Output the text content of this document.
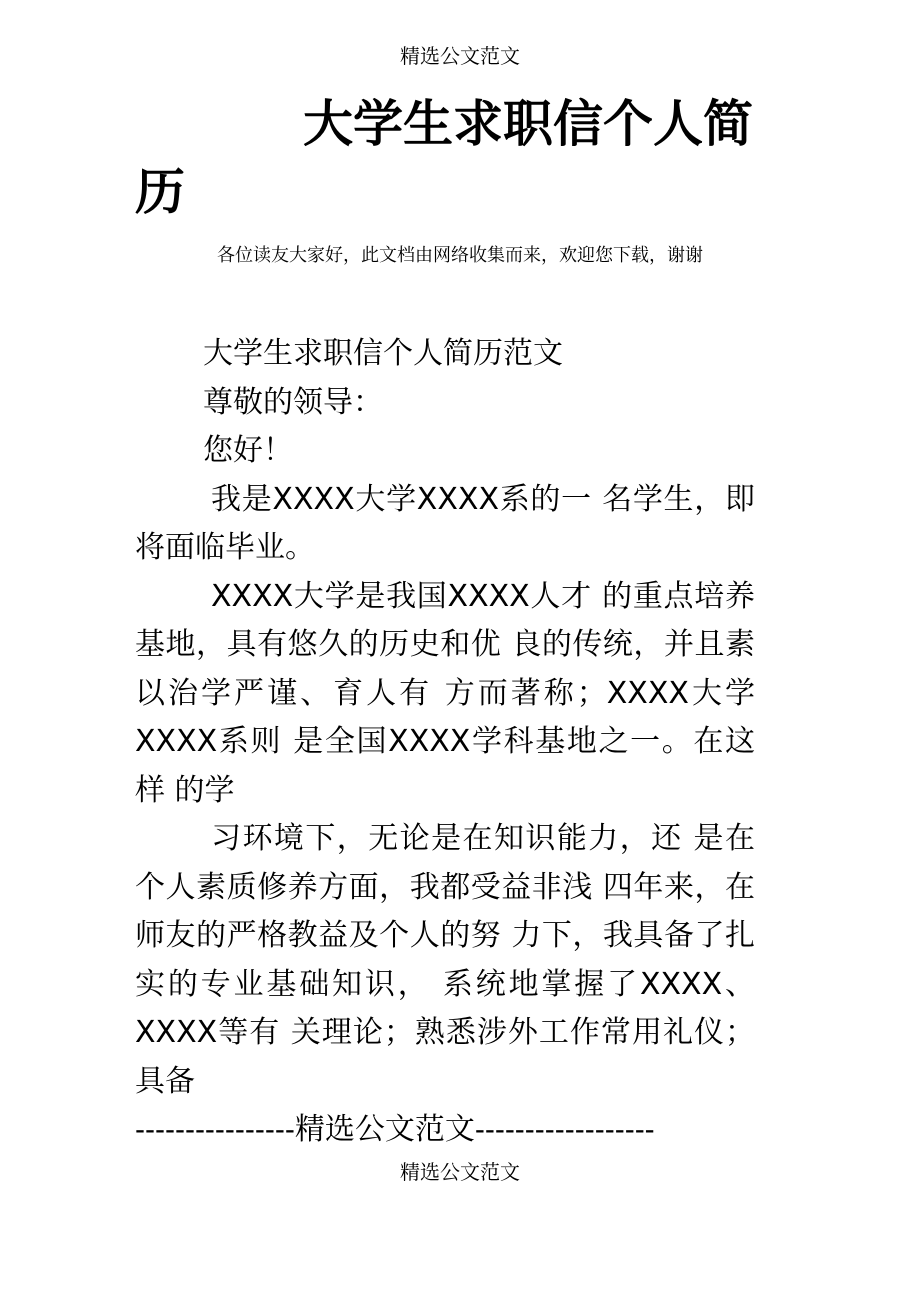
精选公文范文
大学生求职信个人简历
各位读友大家好，此文档由网络收集而来，欢迎您下载，谢谢

大学生求职信个人简历范文

尊敬的领导：

您好！

我是XXXX大学XXXX系的一 名学生，即将面临毕业。

XXXX大学是我国XXXX人才 的重点培养基地，具有悠久的历史和优 良的传统，并且素以治学严谨、育人有 方而著称；XXXX大学XXXX系则 是全国XXXX学科基地之一。在这样 的学

习环境下，无论是在知识能力，还 是在个人素质修养方面，我都受益非浅 四年来，在师友的严格教益及个人的努 力下，我具备了扎实的专业基础知识， 系统地掌握了XXXX、XXXX等有 关理论；熟悉涉外工作常用礼仪；具备

----------------精选公文范文------------------
精选公文范文
